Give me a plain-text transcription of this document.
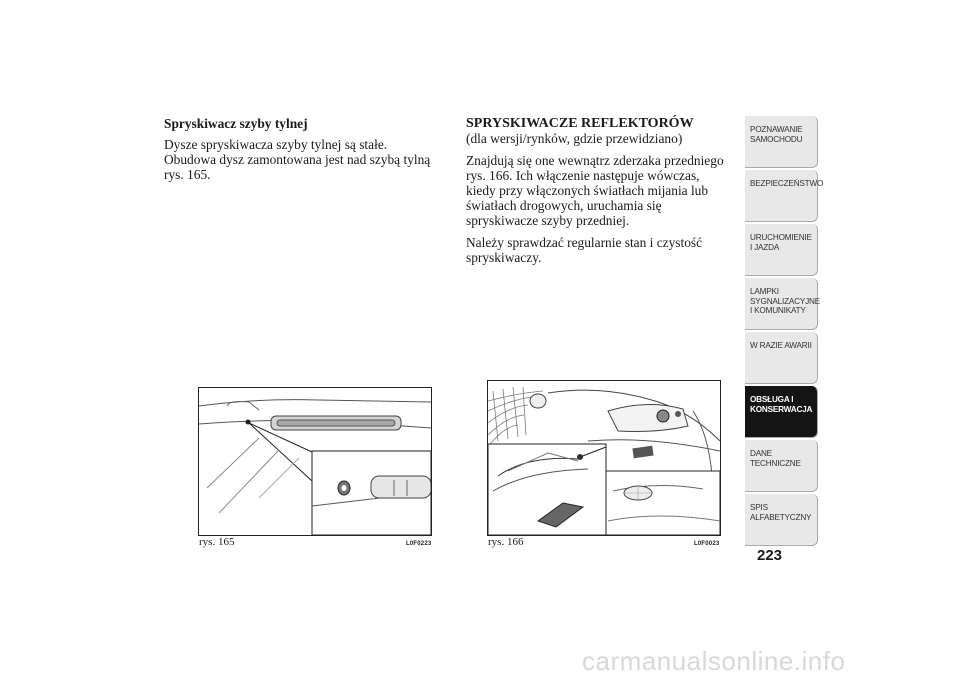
Spryskiwacz szyby tylnej

Dysze spryskiwacza szyby tylnej są stałe. Obudowa dysz zamontowana jest nad szybą tylną rys. 165.

SPRYSKIWACZE REFLEKTORÓW

(dla wersji/rynków, gdzie przewidziano)

Znajdują się one wewnątrz zderzaka przedniego rys. 166. Ich włączenie następuje wówczas, kiedy przy włączonych światłach mijania lub światłach drogowych, uruchamia się spryskiwacze szyby przedniej.

Należy sprawdzać regularnie stan i czystość spryskiwaczy.

rys. 165	L0F0223	rys. 166	L0F0023
POZNAWANIE SAMOCHODU
BEZPIECZEŃSTWO
URUCHOMIENIE I JAZDA
LAMPKI SYGNALIZACYJNE I KOMUNIKATY
W RAZIE AWARII
OBSŁUGA I KONSERWACJA
DANE TECHNICZNE
SPIS ALFABETYCZNY
223
carmanualsonline.info
